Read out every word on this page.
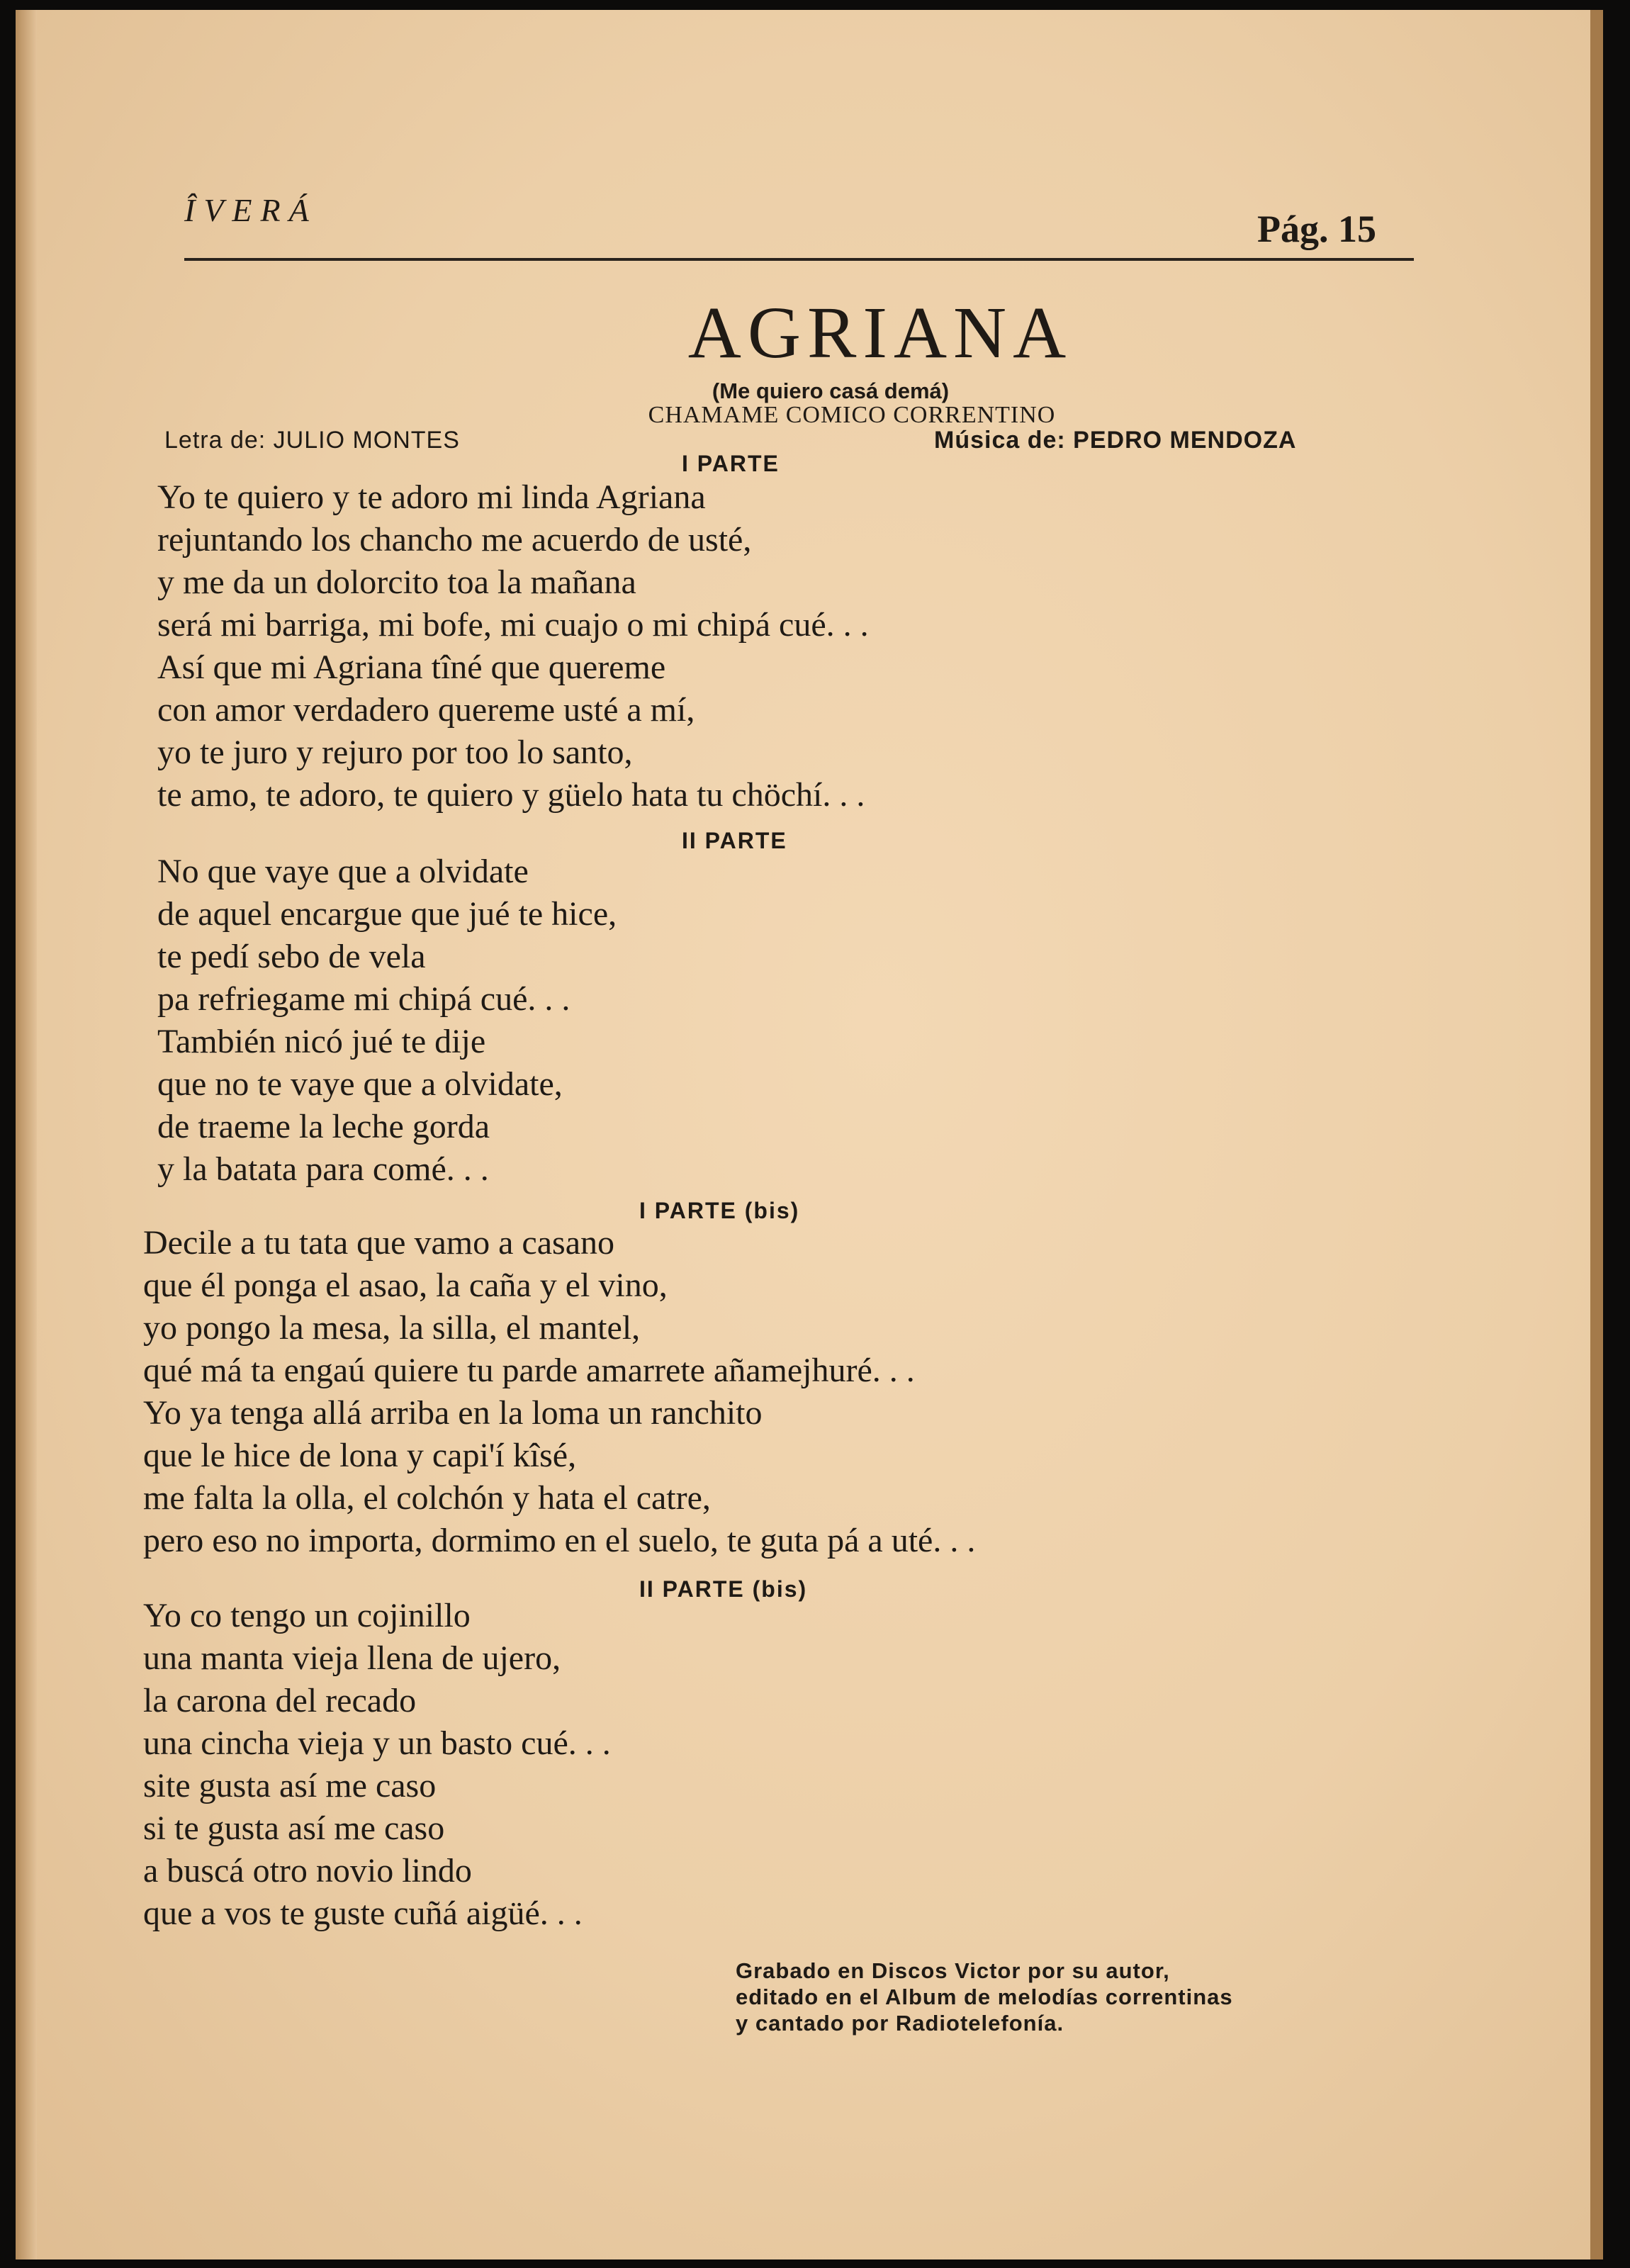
ÎVERÁ	Pág. 15
AGRIANA
(Me quiero casá demá)
CHAMAME COMICO CORRENTINO
Letra de: JULIO MONTES	Música de: PEDRO MENDOZA
I PARTE
Yo te quiero y te adoro mi linda Agriana
rejuntando los chancho me acuerdo de usté,
y me da un dolorcito toa la mañana
será mi barriga, mi bofe, mi cuajo o mi chipá cué. . .
Así que mi Agriana tîné que quereme
con amor verdadero quereme usté a mí,
yo te juro y rejuro por too lo santo,
te amo, te adoro, te quiero y güelo hata tu chöchí. . .
II PARTE
No que vaye que a olvidate
de aquel encargue que jué te hice,
te pedí sebo de vela
pa refriegame mi chipá cué. . .
También nicó jué te dije
que no te vaye que a olvidate,
de traeme la leche gorda
y la batata para comé. . .
I PARTE (bis)
Decile a tu tata que vamo a casano
que él ponga el asao, la caña y el vino,
yo pongo la mesa, la silla, el mantel,
qué má ta engaú quiere tu parde amarrete añamejhuré. . .
Yo ya tenga allá arriba en la loma un ranchito
que le hice de lona y capi'í kîsé,
me falta la olla, el colchón y hata el catre,
pero eso no importa, dormimo en el suelo, te guta pá a uté. . .
II PARTE (bis)
Yo co tengo un cojinillo
una manta vieja llena de ujero,
la carona del recado
una cincha vieja y un basto cué. . .
site gusta así me caso
si te gusta así me caso
a buscá otro novio lindo
que a vos te guste cuñá aigüé. . .
Grabado en Discos Victor por su autor,
editado en el Album de melodías correntinas
y cantado por Radiotelefonía.
